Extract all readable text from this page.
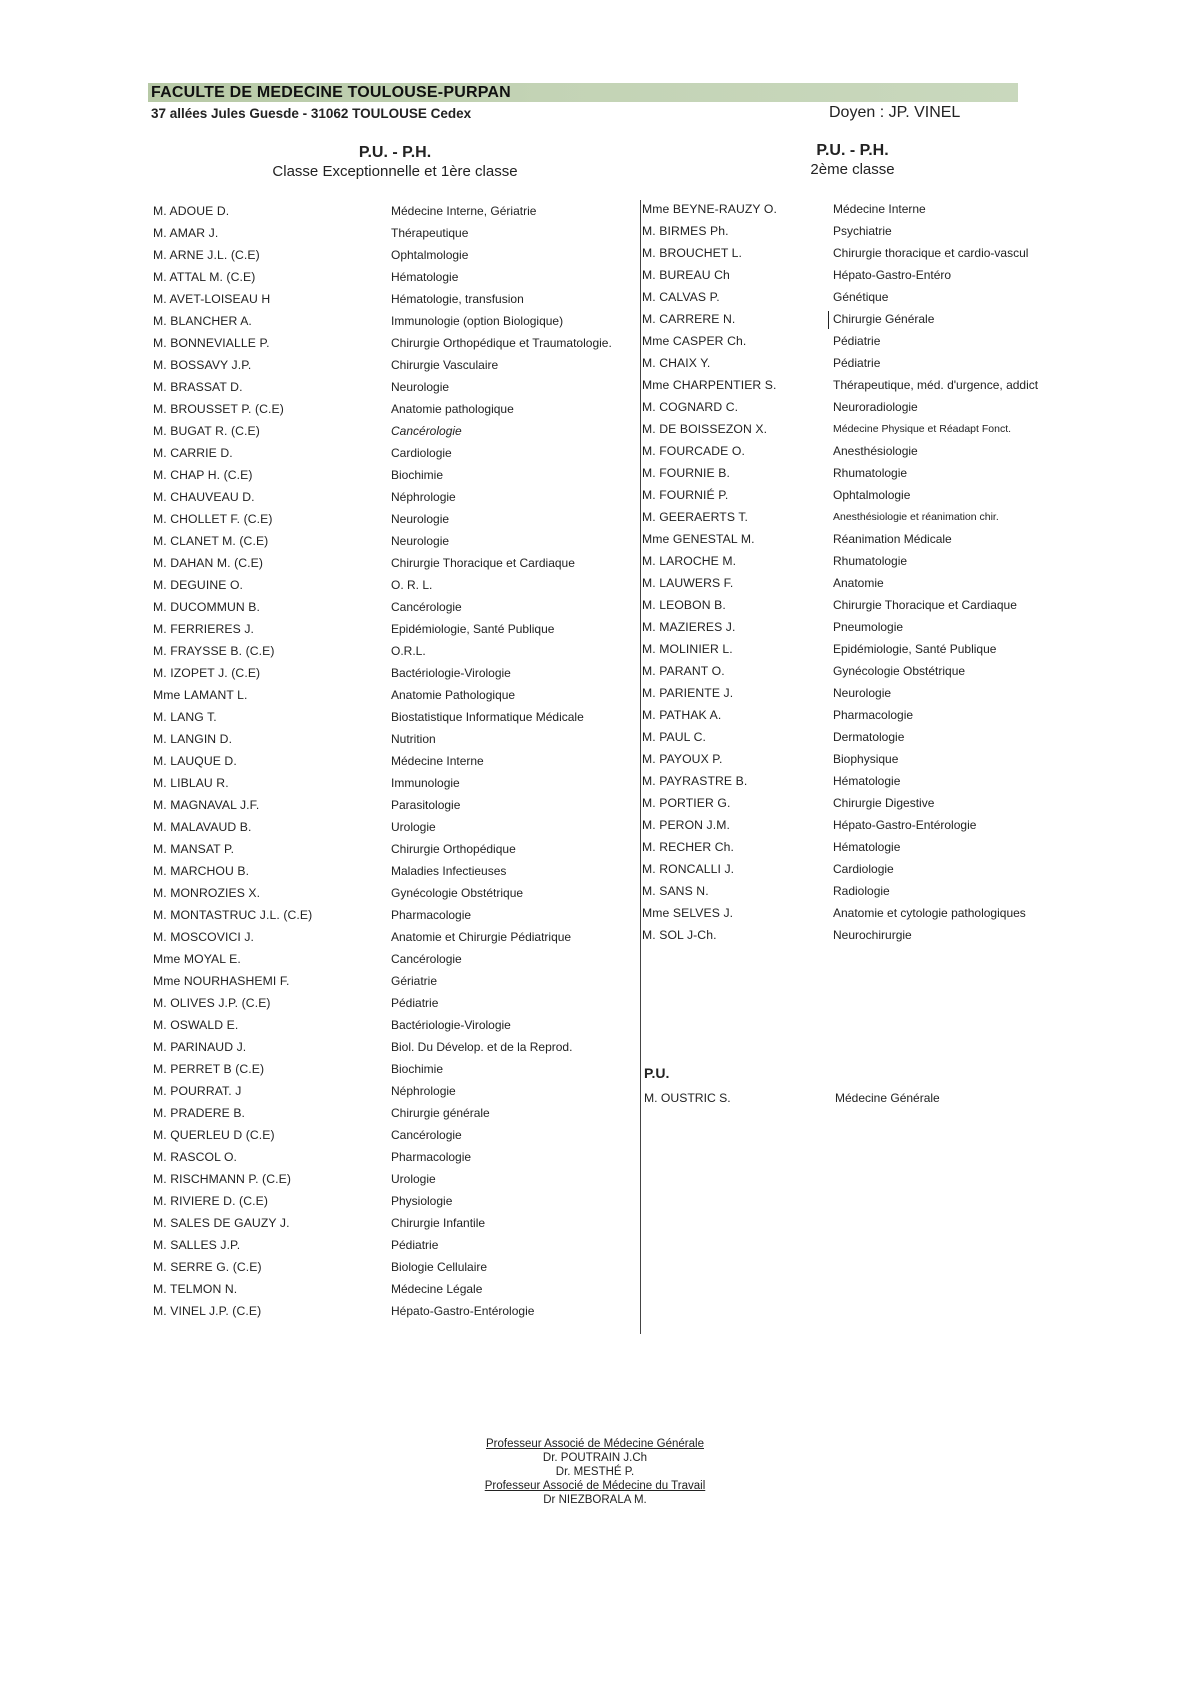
FACULTE DE MEDECINE TOULOUSE-PURPAN
37 allées Jules Guesde - 31062 TOULOUSE Cedex	Doyen : JP. VINEL
P.U. - P.H.
Classe Exceptionnelle et 1ère classe
P.U. - P.H.
2ème classe
M. ADOUE D.
M. AMAR J.
M. ARNE J.L. (C.E)
M. ATTAL M. (C.E)
M. AVET-LOISEAU H
M. BLANCHER A.
M. BONNEVIALLE P.
M. BOSSAVY J.P.
M. BRASSAT D.
M. BROUSSET P. (C.E)
M. BUGAT R. (C.E)
M. CARRIE D.
M. CHAP H. (C.E)
M. CHAUVEAU D.
M. CHOLLET F. (C.E)
M. CLANET M. (C.E)
M. DAHAN M. (C.E)
M. DEGUINE O.
M. DUCOMMUN B.
M. FERRIERES J.
M. FRAYSSE B. (C.E)
M. IZOPET J. (C.E)
Mme LAMANT L.
M. LANG T.
M. LANGIN D.
M. LAUQUE D.
M. LIBLAU R.
M. MAGNAVAL J.F.
M. MALAVAUD B.
M. MANSAT P.
M. MARCHOU B.
M. MONROZIES X.
M. MONTASTRUC J.L. (C.E)
M. MOSCOVICI J.
Mme MOYAL E.
Mme NOURHASHEMI F.
M. OLIVES J.P. (C.E)
M. OSWALD E.
M. PARINAUD J.
M. PERRET B (C.E)
M. POURRAT. J
M. PRADERE B.
M. QUERLEU D (C.E)
M. RASCOL O.
M. RISCHMANN P. (C.E)
M. RIVIERE D. (C.E)
M. SALES DE GAUZY J.
M. SALLES J.P.
M. SERRE G. (C.E)
M. TELMON N.
M. VINEL J.P. (C.E)
Médecine Interne, Gériatrie
Thérapeutique
Ophtalmologie
Hématologie
Hématologie, transfusion
Immunologie (option Biologique)
Chirurgie Orthopédique et Traumatologie.
Chirurgie Vasculaire
Neurologie
Anatomie pathologique
Cancérologie
Cardiologie
Biochimie
Néphrologie
Neurologie
Neurologie
Chirurgie Thoracique et Cardiaque
O. R. L.
Cancérologie
Epidémiologie, Santé Publique
O.R.L.
Bactériologie-Virologie
Anatomie Pathologique
Biostatistique Informatique Médicale
Nutrition
Médecine Interne
Immunologie
Parasitologie
Urologie
Chirurgie Orthopédique
Maladies Infectieuses
Gynécologie Obstétrique
Pharmacologie
Anatomie et Chirurgie Pédiatrique
Cancérologie
Gériatrie
Pédiatrie
Bactériologie-Virologie
Biol. Du Dévelop. et de la Reprod.
Biochimie
Néphrologie
Chirurgie générale
Cancérologie
Pharmacologie
Urologie
Physiologie
Chirurgie Infantile
Pédiatrie
Biologie Cellulaire
Médecine Légale
Hépato-Gastro-Entérologie
Mme BEYNE-RAUZY O.
M. BIRMES Ph.
M. BROUCHET L.
M. BUREAU Ch
M. CALVAS P.
M. CARRERE N.
Mme CASPER Ch.
M. CHAIX Y.
Mme CHARPENTIER S.
M. COGNARD C.
M. DE BOISSEZON X.
M. FOURCADE O.
M. FOURNIE B.
M. FOURNIÉ P.
M. GEERAERTS T.
Mme GENESTAL M.
M. LAROCHE M.
M. LAUWERS F.
M. LEOBON B.
M. MAZIERES J.
M. MOLINIER L.
M. PARANT O.
M. PARIENTE J.
M. PATHAK A.
M. PAUL C.
M. PAYOUX P.
M. PAYRASTRE B.
M. PORTIER G.
M. PERON J.M.
M. RECHER Ch.
M. RONCALLI J.
M. SANS N.
Mme SELVES J.
M. SOL J-Ch.
Médecine Interne
Psychiatrie
Chirurgie thoracique et cardio-vascul
Hépato-Gastro-Entéro
Génétique
Chirurgie Générale
Pédiatrie
Pédiatrie
Thérapeutique, méd. d'urgence, addict
Neuroradiologie
Médecine Physique et Réadapt Fonct.
Anesthésiologie
Rhumatologie
Ophtalmologie
Anesthésiologie et réanimation chir.
Réanimation Médicale
Rhumatologie
Anatomie
Chirurgie Thoracique et Cardiaque
Pneumologie
Epidémiologie, Santé Publique
Gynécologie Obstétrique
Neurologie
Pharmacologie
Dermatologie
Biophysique
Hématologie
Chirurgie Digestive
Hépato-Gastro-Entérologie
Hématologie
Cardiologie
Radiologie
Anatomie et cytologie pathologiques
Neurochirurgie
P.U.
M. OUSTRIC S.	Médecine Générale
Professeur Associé de Médecine Générale
Dr. POUTRAIN J.Ch
Dr. MESTHÉ P.
Professeur Associé de Médecine du Travail
Dr NIEZBORALA M.
